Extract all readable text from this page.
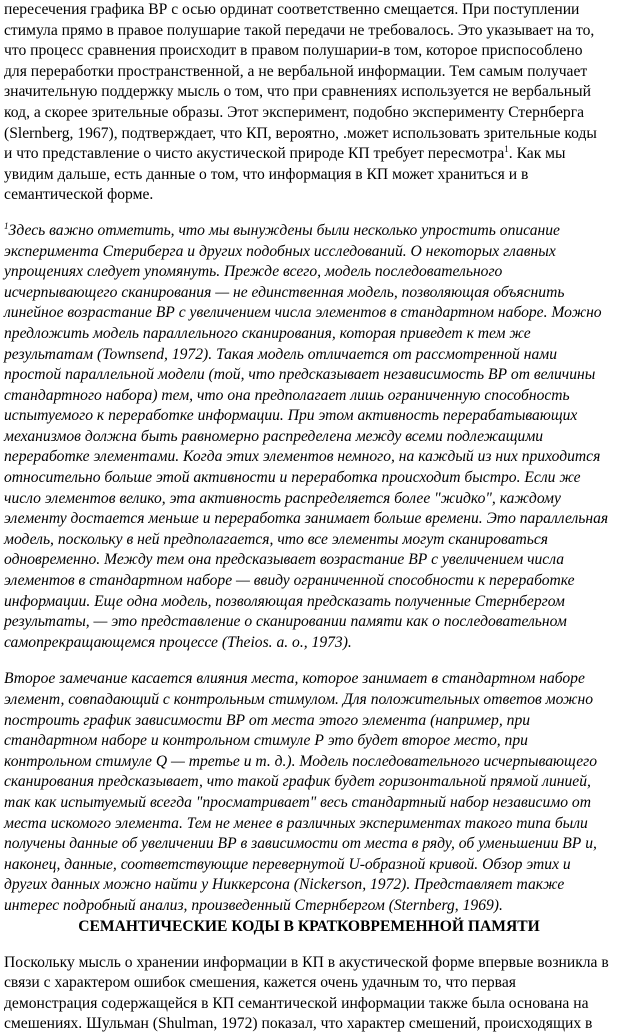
пересечения графика ВР с осью ординат соответственно смещается. При поступлении
стимула прямо в правое полушарие такой передачи не требовалось. Это указывает на то,
что процесс сравнения происходит в правом полушарии-в том, которое приспособлено
для переработки пространственной, а не вербальной информации. Тем самым получает
значительную поддержку мысль о том, что при сравнениях используется не вербальный
код, а скорее зрительные образы. Этот эксперимент, подобно эксперименту Стернберга
(Slernberg, 1967), подтверждает, что КП, вероятно, .может использовать зрительные коды
и что представление о чисто акустической природе КП требует пересмотра$^1$. Как мы
увидим дальше, есть данные о том, что информация в КП может храниться и в
семантической форме.

$^1$Здесь важно отметить, что мы вынуждены были несколько упростить описание
эксперимента Стериберга и других подобных исследований. О некоторых главных
упрощениях следует упомянуть. Прежде всего, модель последовательного
исчерпывающего сканирования — не единственная модель, позволяющая объяснить
линейное возрастание ВР с увеличением числа элементов в стандартном наборе. Можно
предложить модель параллельного сканирования, которая приведет к тем же
результатам (Townsend, 1972). Такая модель отличается от рассмотренной нами
простой параллельной модели (той, что предсказывает независимость ВР от величины
стандартного набора) тем, что она предполагает лишь ограниченную способность
испытуемого к переработке информации. При этом активность перерабатывающих
механизмов должна быть равномерно распределена между всеми подлежащими
переработке элементами. Когда этих элементов немного, на каждый из них приходится
относительно больше этой активности и переработка происходит быстро. Если же
число элементов велико, эта активность распределяется более "жидко", каждому
элементу достается меньше и переработка занимает больше времени. Это параллельная
модель, поскольку в ней предполагается, что все элементы могут сканироваться
одновременно. Между тем она предсказывает возрастание ВР с увеличением числа
элементов в стандартном наборе — ввиду ограниченной способности к переработке
информации. Еще одна модель, позволяющая предсказать полученные Стернбергом
результаты, — это представление о сканировании памяти как о последовательном
самопрекращающемся процессе (Theios. a. o., 1973).

Второе замечание касается влияния места, которое занимает в стандартном наборе
элемент, совпадающий с контрольным стимулом. Для положительных ответов можно
построить график зависимости ВР от места этого элемента (например, при
стандартном наборе и контрольном стимуле Р это будет второе место, при
контрольном стимуле Q — третье и т. д.). Модель последовательного исчерпывающего
сканирования предсказывает, что такой график будет горизонтальной прямой линией,
так как испытуемый всегда "просматривает" весь стандартный набор независимо от
места искомого элемента. Тем не менее в различных экспериментах такого типа были
получены данные об увеличении ВР в зависимости от места в ряду, об уменьшении ВР и,
наконец, данные, соответствующие перевернутой U-образной кривой. Обзор этих и
других данных можно найти у Никкерсона (Nickerson, 1972). Представляет также
интерес подробный анализ, произведенный Стернбергом (Sternberg, 1969).

СЕМАНТИЧЕСКИЕ КОДЫ В КРАТКОВРЕМЕННОЙ ПАМЯТИ

Поскольку мысль о хранении информации в КП в акустической форме впервые возникла в
связи с характером ошибок смешения, кажется очень удачным то, что первая
демонстрация содержащейся в КП семантической информации также была основана на
смешениях. Шульман (Shulman, 1972) показал, что характер смешений, происходящих в
